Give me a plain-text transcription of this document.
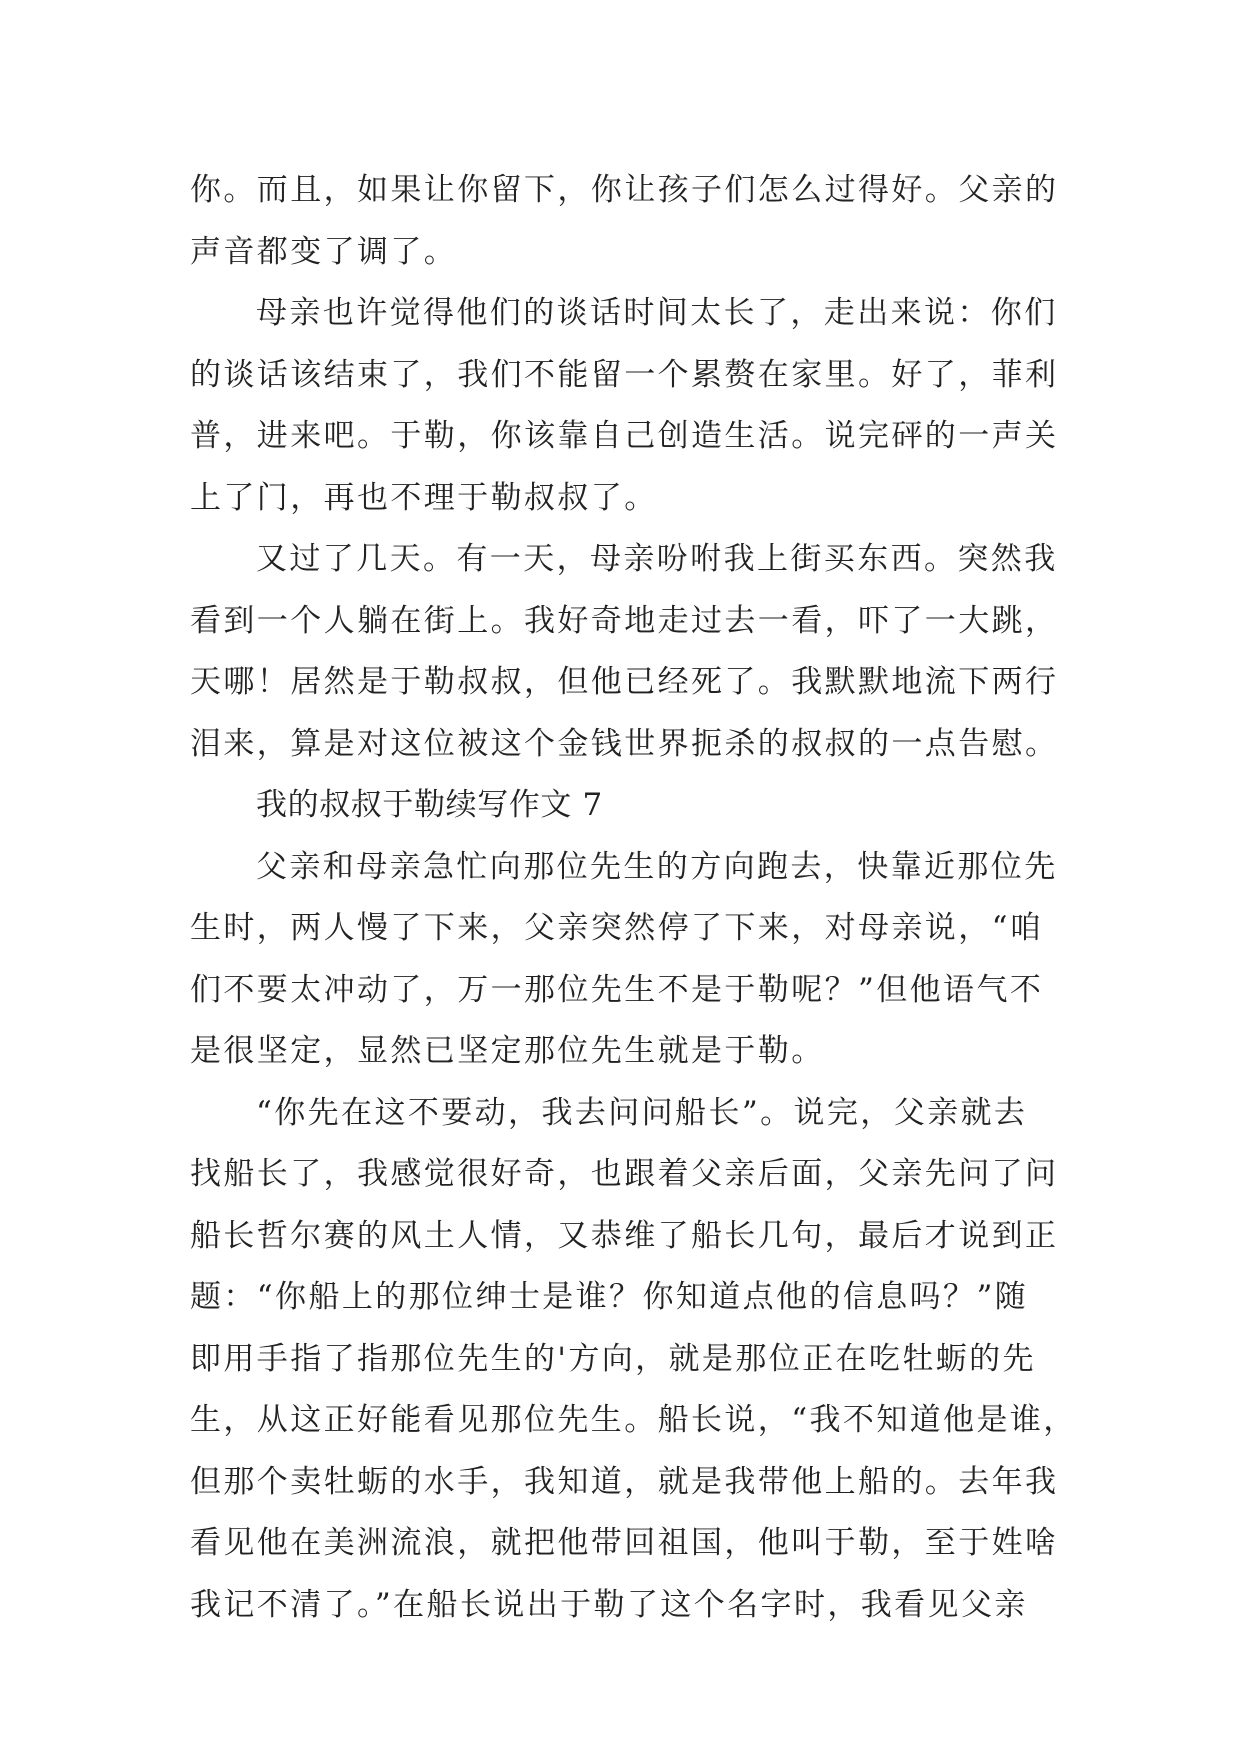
你。而且，如果让你留下，你让孩子们怎么过得好。父亲的
声音都变了调了。
母亲也许觉得他们的谈话时间太长了，走出来说：你们
的谈话该结束了，我们不能留一个累赘在家里。好了，菲利
普，进来吧。于勒，你该靠自己创造生活。说完砰的一声关
上了门，再也不理于勒叔叔了。
又过了几天。有一天，母亲吩咐我上街买东西。突然我
看到一个人躺在街上。我好奇地走过去一看，吓了一大跳，
天哪！居然是于勒叔叔，但他已经死了。我默默地流下两行
泪来，算是对这位被这个金钱世界扼杀的叔叔的一点告慰。
我的叔叔于勒续写作文 7
父亲和母亲急忙向那位先生的方向跑去，快靠近那位先
生时，两人慢了下来，父亲突然停了下来，对母亲说，“咱
们不要太冲动了，万一那位先生不是于勒呢？”但他语气不
是很坚定，显然已坚定那位先生就是于勒。
“你先在这不要动，我去问问船长”。说完，父亲就去
找船长了，我感觉很好奇，也跟着父亲后面，父亲先问了问
船长哲尔赛的风土人情，又恭维了船长几句，最后才说到正
题：“你船上的那位绅士是谁？你知道点他的信息吗？”随
即用手指了指那位先生的'方向，就是那位正在吃牡蛎的先
生，从这正好能看见那位先生。船长说，“我不知道他是谁，
但那个卖牡蛎的水手，我知道，就是我带他上船的。去年我
看见他在美洲流浪，就把他带回祖国，他叫于勒，至于姓啥
我记不清了。”在船长说出于勒了这个名字时，我看见父亲
